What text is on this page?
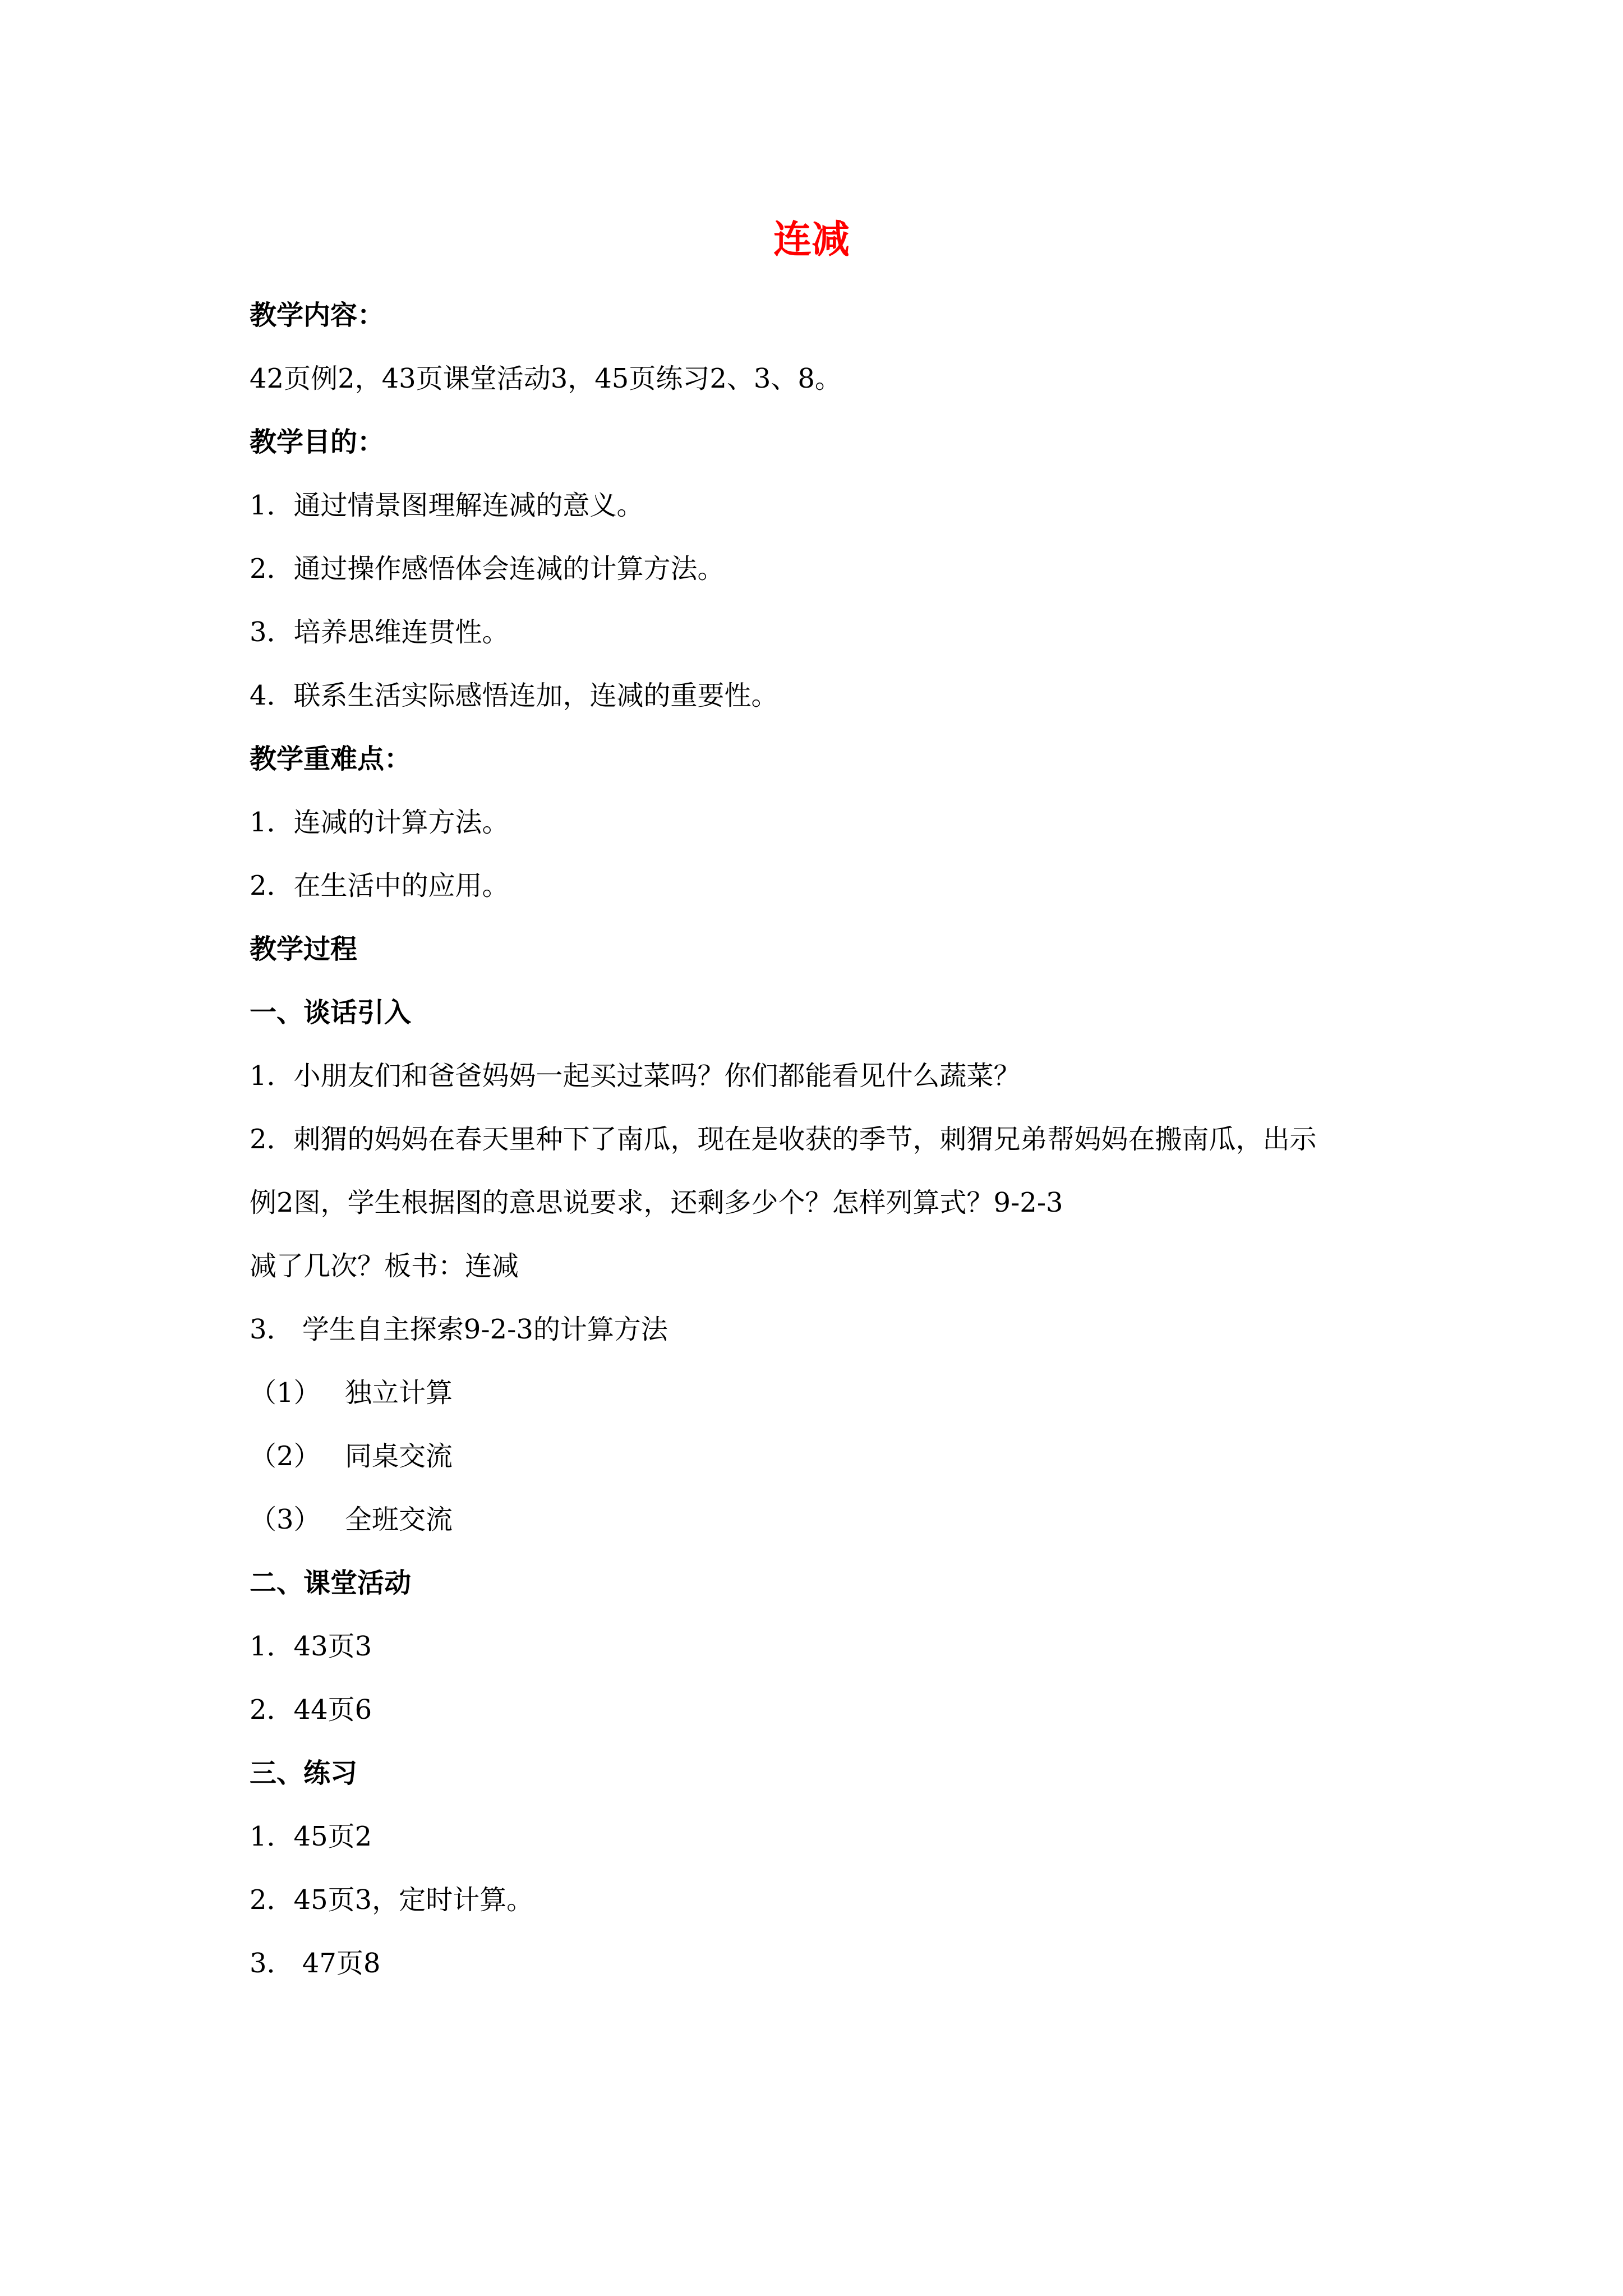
连减
教学内容：
42页例2，43页课堂活动3，45页练习2、3、8。
教学目的：
1．通过情景图理解连减的意义。
2．通过操作感悟体会连减的计算方法。
3．培养思维连贯性。
4．联系生活实际感悟连加，连减的重要性。
教学重难点：
1．连减的计算方法。
2．在生活中的应用。
教学过程
一、谈话引入
1．小朋友们和爸爸妈妈一起买过菜吗？你们都能看见什么蔬菜？
2．刺猬的妈妈在春天里种下了南瓜，现在是收获的季节，刺猬兄弟帮妈妈在搬南瓜，出示
例2图，学生根据图的意思说要求，还剩多少个？怎样列算式？9-2-3
减了几次？板书：连减
3． 学生自主探索9-2-3的计算方法
（1） 独立计算
（2） 同桌交流
（3） 全班交流
二、课堂活动
1．43页3
2．44页6
三、练习
1．45页2
2．45页3，定时计算。
3． 47页8
